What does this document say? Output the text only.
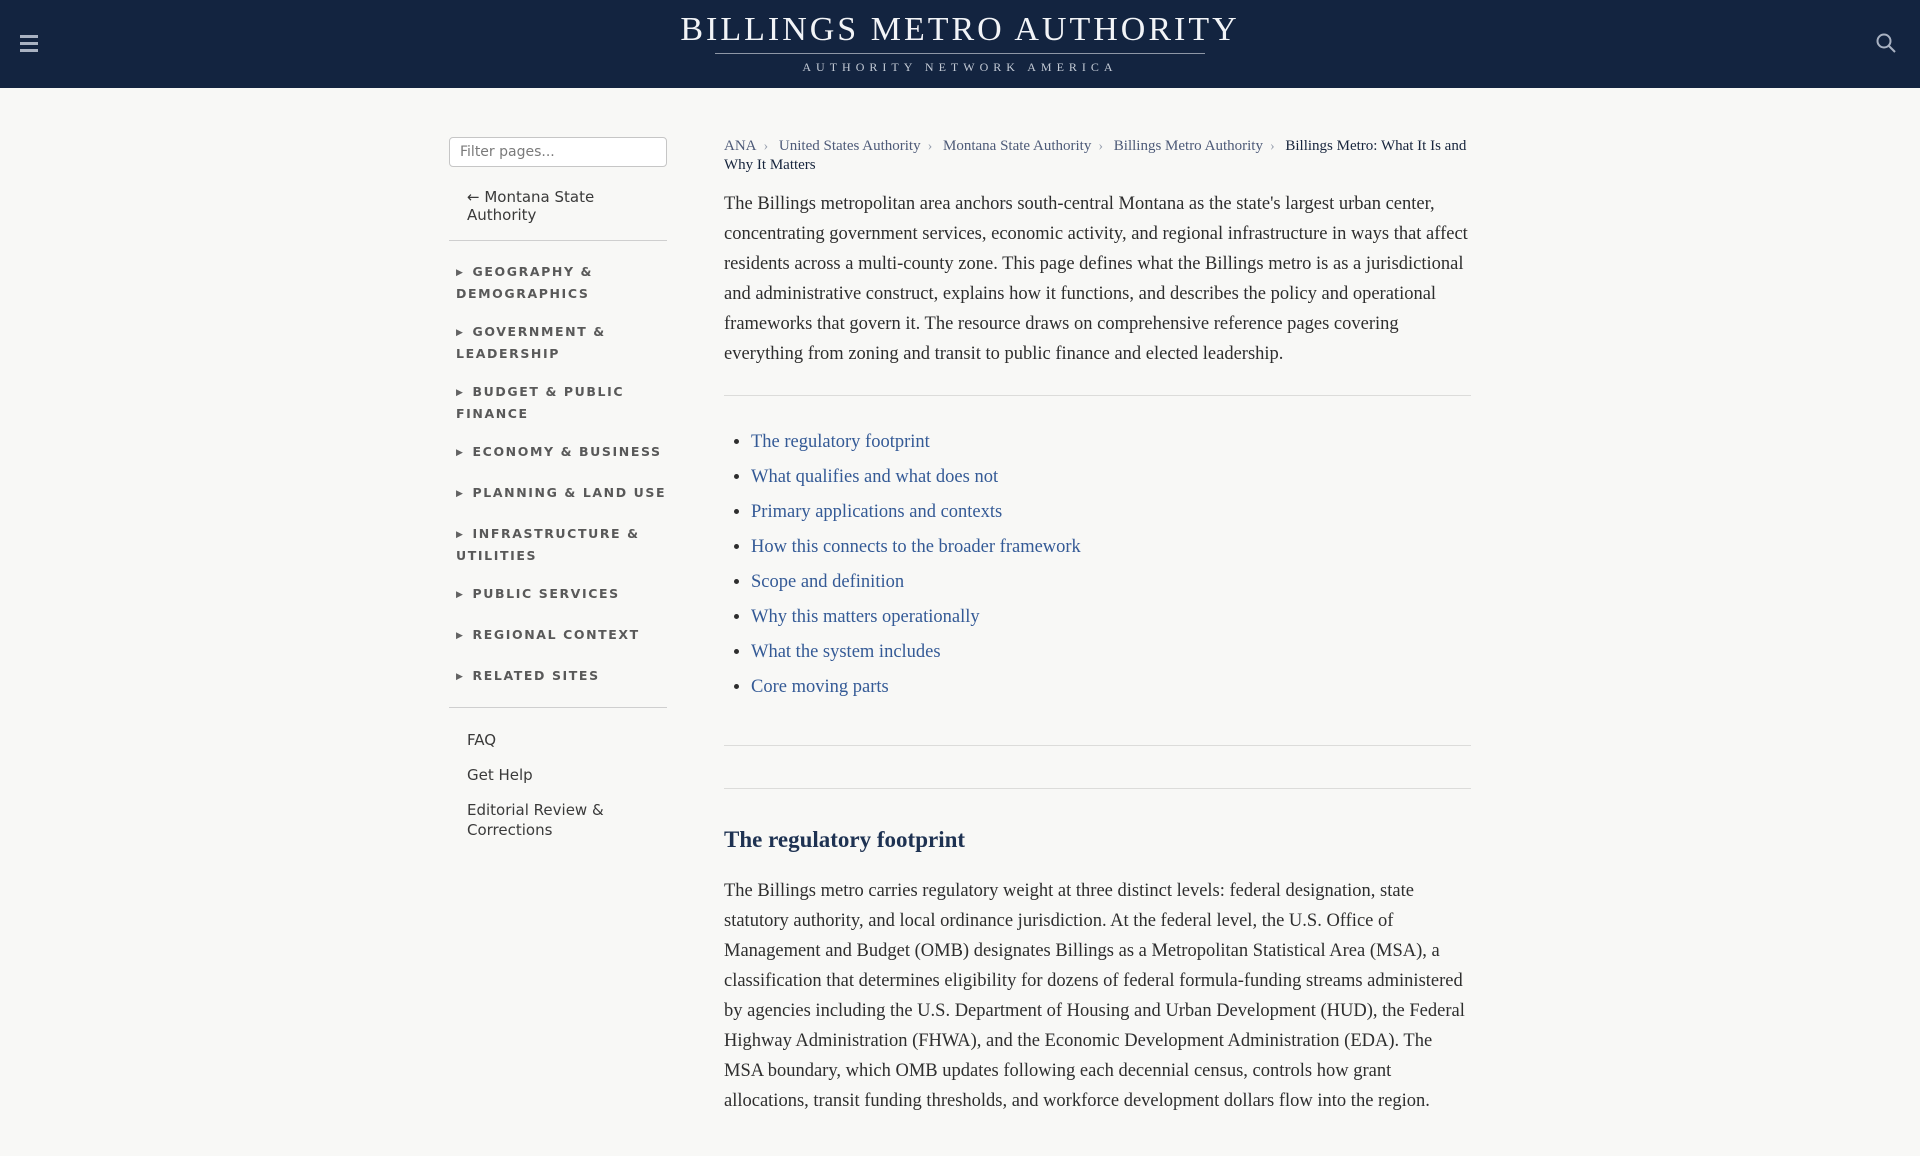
BILLINGS METRO AUTHORITY
AUTHORITY NETWORK AMERICA
Filter pages...
← Montana State Authority
▶ GEOGRAPHY & DEMOGRAPHICS
▶ GOVERNMENT & LEADERSHIP
▶ BUDGET & PUBLIC FINANCE
▶ ECONOMY & BUSINESS
▶ PLANNING & LAND USE
▶ INFRASTRUCTURE & UTILITIES
▶ PUBLIC SERVICES
▶ REGIONAL CONTEXT
▶ RELATED SITES
FAQ
Get Help
Editorial Review & Corrections
ANA › United States Authority › Montana State Authority › Billings Metro Authority › Billings Metro: What It Is and Why It Matters

The Billings metropolitan area anchors south-central Montana as the state's largest urban center, concentrating government services, economic activity, and regional infrastructure in ways that affect residents across a multi-county zone. This page defines what the Billings metro is as a jurisdictional and administrative construct, explains how it functions, and describes the policy and operational frameworks that govern it. The resource draws on comprehensive reference pages covering everything from zoning and transit to public finance and elected leadership.

• The regulatory footprint
• What qualifies and what does not
• Primary applications and contexts
• How this connects to the broader framework
• Scope and definition
• Why this matters operationally
• What the system includes
• Core moving parts
The regulatory footprint

The Billings metro carries regulatory weight at three distinct levels: federal designation, state statutory authority, and local ordinance jurisdiction. At the federal level, the U.S. Office of Management and Budget (OMB) designates Billings as a Metropolitan Statistical Area (MSA), a classification that determines eligibility for dozens of federal formula-funding streams administered by agencies including the U.S. Department of Housing and Urban Development (HUD), the Federal Highway Administration (FHWA), and the Economic Development Administration (EDA). The MSA boundary, which OMB updates following each decennial census, controls how grant allocations, transit funding thresholds, and workforce development dollars flow into the region.
